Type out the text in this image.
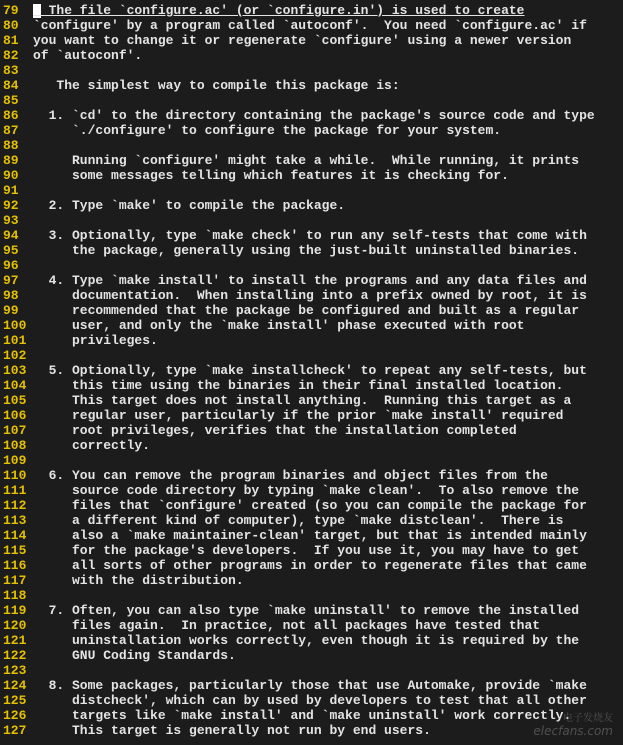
79 The file `configure.ac' (or `configure.in') is used to create
80 `configure' by a program called `autoconf'.  You need `configure.ac' if
81 you want to change it or regenerate `configure' using a newer version
82 of `autoconf'.
83
84 The simplest way to compile this package is:
85
86 1. `cd' to the directory containing the package's source code and type
87 `./configure' to configure the package for your system.
88
89 Running `configure' might take a while.  While running, it prints
90 some messages telling which features it is checking for.
91
92 2. Type `make' to compile the package.
93
94 3. Optionally, type `make check' to run any self-tests that come with
95 the package, generally using the just-built uninstalled binaries.
96
97 4. Type `make install' to install the programs and any data files and
98 documentation.  When installing into a prefix owned by root, it is
99 recommended that the package be configured and built as a regular
100 user, and only the `make install' phase executed with root
101 privileges.
102
103 5. Optionally, type `make installcheck' to repeat any self-tests, but
104 this time using the binaries in their final installed location.
105 This target does not install anything.  Running this target as a
106 regular user, particularly if the prior `make install' required
107 root privileges, verifies that the installation completed
108 correctly.
109
110 6. You can remove the program binaries and object files from the
111 source code directory by typing `make clean'.  To also remove the
112 files that `configure' created (so you can compile the package for
113 a different kind of computer), type `make distclean'.  There is
114 also a `make maintainer-clean' target, but that is intended mainly
115 for the package's developers.  If you use it, you may have to get
116 all sorts of other programs in order to regenerate files that came
117 with the distribution.
118
119 7. Often, you can also type `make uninstall' to remove the installed
120 files again.  In practice, not all packages have tested that
121 uninstallation works correctly, even though it is required by the
122 GNU Coding Standards.
123
124 8. Some packages, particularly those that use Automake, provide `make
125 distcheck', which can by used by developers to test that all other
126 targets like `make install' and `make uninstall' work correctly.
127 This target is generally not run by end users.
电子发烧友
elecfans.com
